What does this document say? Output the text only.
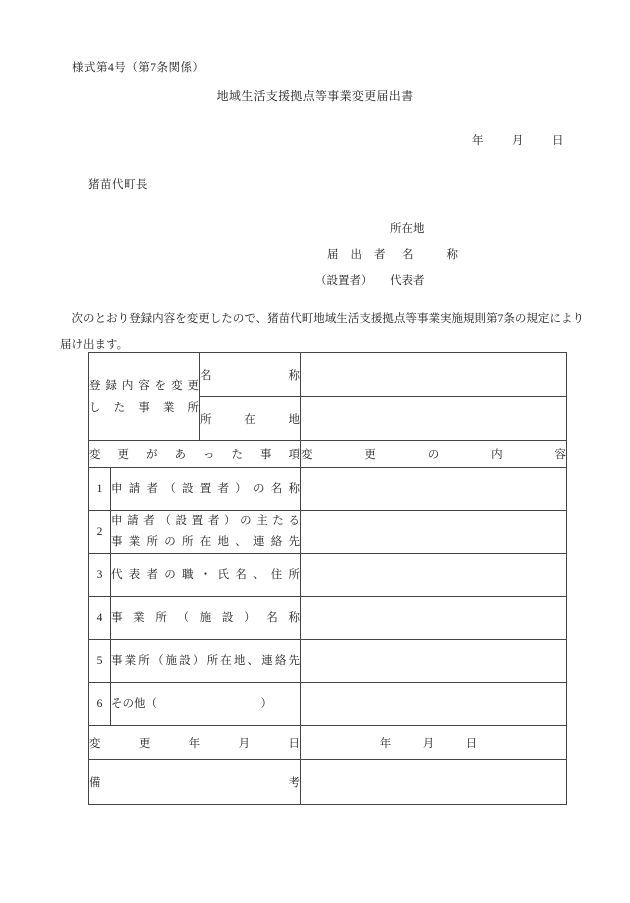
様式第4号（第7条関係）
地域生活支援拠点等事業変更届出書
年　月　日
猪苗代町長
所在地
届出者 名称
（設置者）	代表者
　次のとおり登録内容を変更したので、猪苗代町地域生活支援拠点等事業実施規則第7条の規定により届け出ます。
登録内容を変更
した事業所		名称	
		所在地	
変更があった事項			変更の内容
1	申請者（設置者）の名称		

2	申請者（設置者）の主たる
事業所の所在地、連絡先		

3	代表者の職・氏名、住所		

4	事業所（施設）名称		

5	事業所（施設）所在地、連絡先		

6	その他（　　　　　　　　　）		

変更年月日			年　月　日
備考			
